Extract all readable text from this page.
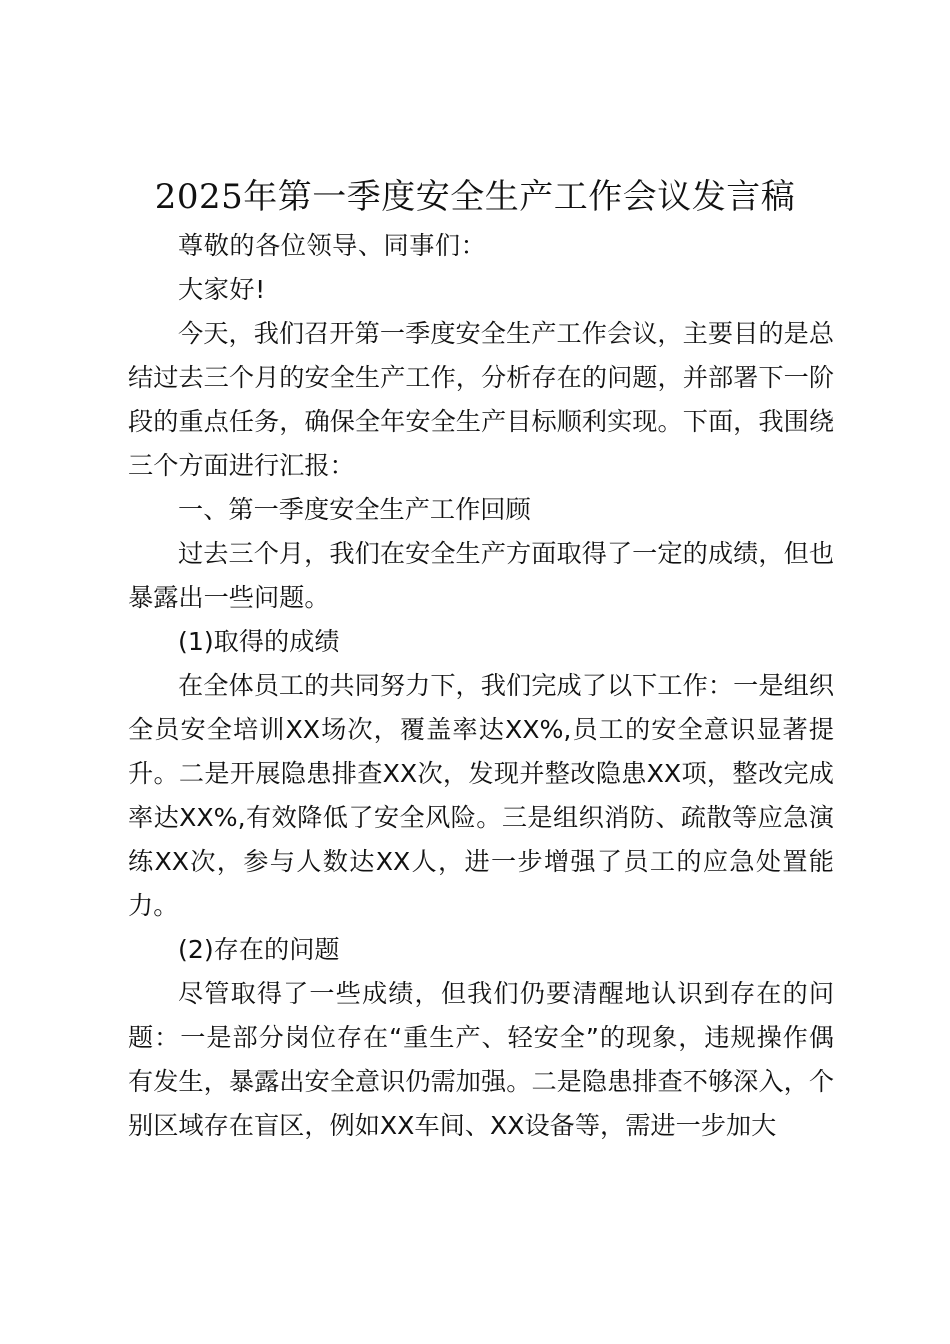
2025年第一季度安全生产工作会议发言稿

尊敬的各位领导、同事们：

大家好!

今天，我们召开第一季度安全生产工作会议，主要目的是总结过去三个月的安全生产工作，分析存在的问题，并部署下一阶段的重点任务，确保全年安全生产目标顺利实现。下面，我围绕三个方面进行汇报：

一、第一季度安全生产工作回顾

过去三个月，我们在安全生产方面取得了一定的成绩，但也暴露出一些问题。

(1)取得的成绩

在全体员工的共同努力下，我们完成了以下工作：一是组织全员安全培训XX场次，覆盖率达XX%,员工的安全意识显著提升。二是开展隐患排查XX次，发现并整改隐患XX项，整改完成率达XX%,有效降低了安全风险。三是组织消防、疏散等应急演练XX次，参与人数达XX人，进一步增强了员工的应急处置能力。

(2)存在的问题

尽管取得了一些成绩，但我们仍要清醒地认识到存在的问题：一是部分岗位存在“重生产、轻安全”的现象，违规操作偶有发生，暴露出安全意识仍需加强。二是隐患排查不够深入，个别区域存在盲区，例如XX车间、XX设备等，需进一步加大
